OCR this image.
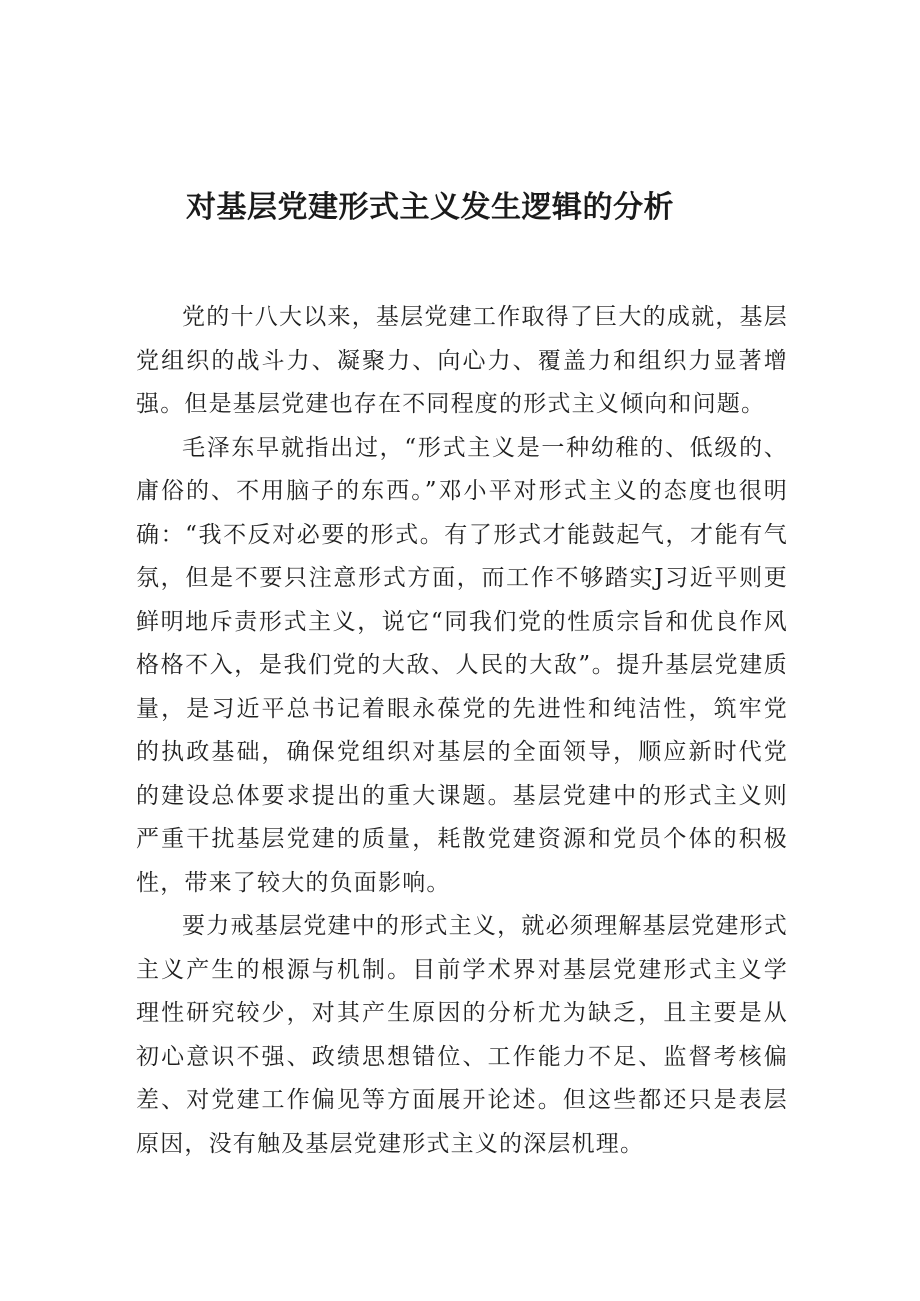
对基层党建形式主义发生逻辑的分析

党的十八大以来，基层党建工作取得了巨大的成就，基层党组织的战斗力、凝聚力、向心力、覆盖力和组织力显著增强。但是基层党建也存在不同程度的形式主义倾向和问题。

毛泽东早就指出过，“形式主义是一种幼稚的、低级的、庸俗的、不用脑子的东西。”邓小平对形式主义的态度也很明确：“我不反对必要的形式。有了形式才能鼓起气，才能有气氛，但是不要只注意形式方面，而工作不够踏实J习近平则更鲜明地斥责形式主义，说它“同我们党的性质宗旨和优良作风格格不入，是我们党的大敌、人民的大敌”。提升基层党建质量，是习近平总书记着眼永葆党的先进性和纯洁性，筑牢党的执政基础，确保党组织对基层的全面领导，顺应新时代党的建设总体要求提出的重大课题。基层党建中的形式主义则严重干扰基层党建的质量，耗散党建资源和党员个体的积极性，带来了较大的负面影响。

要力戒基层党建中的形式主义，就必须理解基层党建形式主义产生的根源与机制。目前学术界对基层党建形式主义学理性研究较少，对其产生原因的分析尤为缺乏，且主要是从初心意识不强、政绩思想错位、工作能力不足、监督考核偏差、对党建工作偏见等方面展开论述。但这些都还只是表层原因，没有触及基层党建形式主义的深层机理。
